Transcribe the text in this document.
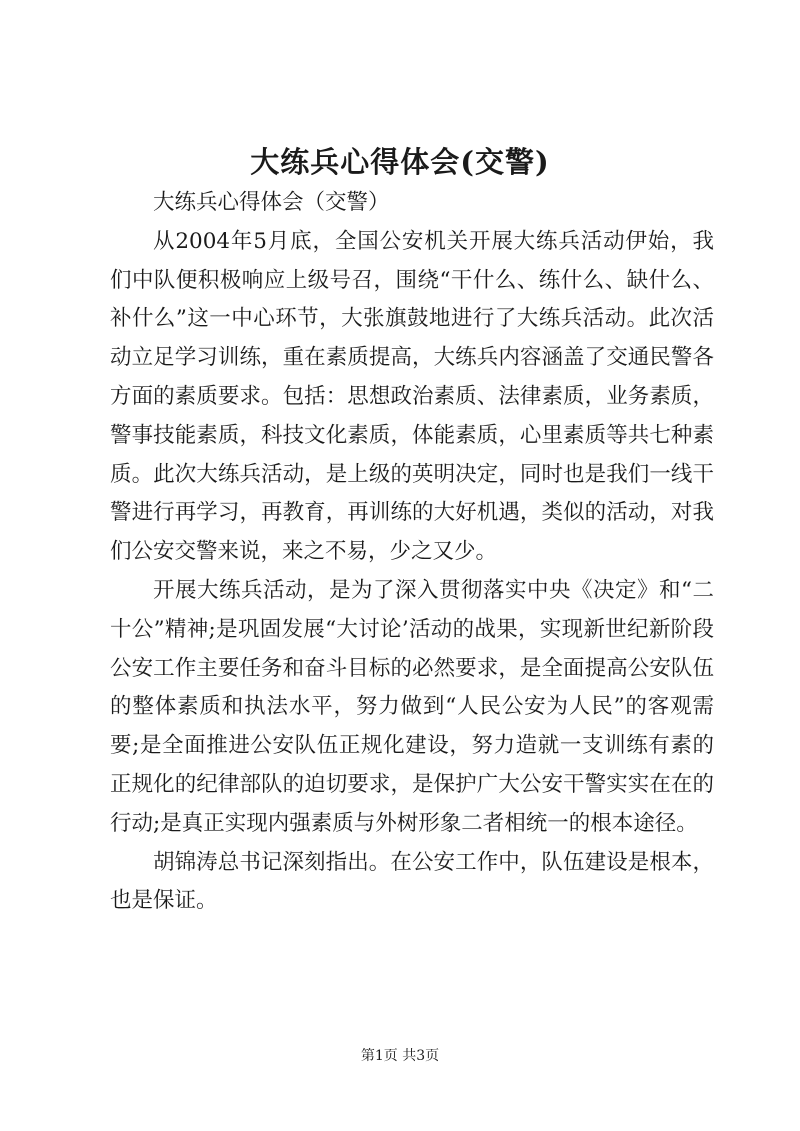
大练兵心得体会(交警)

大练兵心得体会（交警）

从2004年5月底，全国公安机关开展大练兵活动伊始，我们中队便积极响应上级号召，围绕“干什么、练什么、缺什么、补什么”这一中心环节，大张旗鼓地进行了大练兵活动。此次活动立足学习训练，重在素质提高，大练兵内容涵盖了交通民警各方面的素质要求。包括：思想政治素质、法律素质，业务素质，警事技能素质，科技文化素质，体能素质，心里素质等共七种素质。此次大练兵活动，是上级的英明决定，同时也是我们一线干警进行再学习，再教育，再训练的大好机遇，类似的活动，对我们公安交警来说，来之不易，少之又少。

开展大练兵活动，是为了深入贯彻落实中央《决定》和“二十公”精神;是巩固发展“大讨论’活动的战果，实现新世纪新阶段公安工作主要任务和奋斗目标的必然要求，是全面提高公安队伍的整体素质和执法水平，努力做到“人民公安为人民”的客观需要;是全面推进公安队伍正规化建设，努力造就一支训练有素的正规化的纪律部队的迫切要求，是保护广大公安干警实实在在的行动;是真正实现内强素质与外树形象二者相统一的根本途径。

胡锦涛总书记深刻指出。在公安工作中，队伍建设是根本，也是保证。

第1页 共3页
